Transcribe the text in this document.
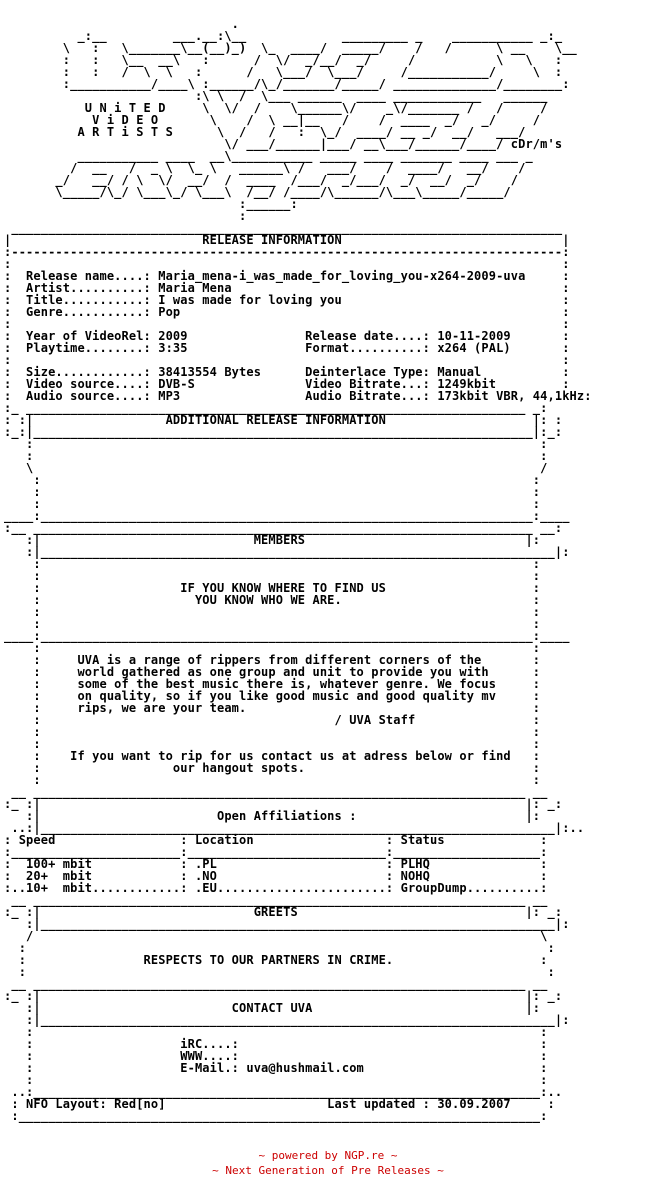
.
_:__         ___.__:\__             _________ _    ___________ _:_
\   :   \_______\__(__)_)  \_  ____/  _____/    /   /      \ __    \__
:   :   \__  __\   :      /  \/  _/__/  _/     /           \   \   :
:   :   /  \  \   :      /   \___/  \___/     /___________/     \  :
:___________/____\ :______/\_/_______/_____/ ______________/________:
:\ \  /  \___ ______  ____ ____________   ______
U N i T E D     \  \/  /    \______\/    _\/_______ /   /     /
V i D E O       \    /  \ __|__   /    /  ____  _/   _/     /
A R T i S T S      \  /   /   :  \_/  ____/ __ _/  __/   ___/
\/ ___/______|___/ __\___/______/____/ cDr/m's
___________ ____  __\___________ _____ ____ _______ ____ ___ _
/  __   /  _ \  \_ \   ______\ /   ___/    /  ____/   __/    /
_/   __/ / \  \/  __/  /  ____  /___/  _/___/  _/  __/  _/    /
\_____/\_/ \___\_/ \___\  /__/ /____/\______/\___\_____/_____/
:______:
:
___________________________________________________________________________
|                          RELEASE INFORMATION                              |
:---------------------------------------------------------------------------:
:                                                                           :
:  Release name....: Maria_mena-i_was_made_for_loving_you-x264-2009-uva     :
:  Artist..........: Maria Mena                                             :
:  Title...........: I was made for loving you                              :
:  Genre...........: Pop                                                    :
:                                                                           :
:  Year of VideoRel: 2009                Release date....: 10-11-2009       :
:  Playtime........: 3:35                Format..........: x264 (PAL)       :
:                                                                           :
:  Size............: 38413554 Bytes      Deinterlace Type: Manual           :
:  Video source....: DVB-S               Video Bitrate...: 1249kbit         :
:  Audio source....: MP3                 Audio Bitrate...: 173kbit VBR, 44,1kHz:
:_ ____________________________________________________________________ _:
: :|                  ADDITIONAL RELEASE INFORMATION                    |: :
:_:|____________________________________________________________________|:_:
:                                                                     :
:                                                                     :
\                                                                     /
:                                                                   :
:                                                                   :
:                                                                   :
____:___________________________________________________________________:____
:__ ____________________________________________________________________ __:
:|                             MEMBERS                              |:
:|______________________________________________________________________|:
:                                                                   :
:                                                                   :
:                   IF YOU KNOW WHERE TO FIND US                    :
:                     YOU KNOW WHO WE ARE.                          :
:                                                                   :
:                                                                   :
____:___________________________________________________________________:____
:                                                                   :
:     UVA is a range of rippers from different corners of the       :
:     world gathered as one group and unit to provide you with      :
:     some of the best music there is, whatever genre. We focus     :
:     on quality, so if you like good music and good quality mv     :
:     rips, we are your team.                                       :
:                                        / UVA Staff                :
:                                                                   :
:                                                                   :
:    If you want to rip for us contact us at adress below or find   :
:                  our hangout spots.                               :
:                                                                   :
__ ___________________________________________________________________ __
:_ :|                                                                  |: _:
:|                        Open Affiliations :                       |:
..:|______________________________________________________________________|:..
: Speed                 : Location                  : Status             :
:_______________________:___________________________:____________________:
:  100+ mbit            : .PL                       : PLHQ               :
:  20+  mbit            : .NO                       : NOHQ               :
:..10+  mbit............: .EU.......................: GroupDump..........:
__ ___________________________________________________________________ __
:_ :|                             GREETS                               |: _:
:|______________________________________________________________________|:
/                                                                     \
:                                                                       :
:                RESPECTS TO OUR PARTNERS IN CRIME.                    :
:                                                                       :
__ ___________________________________________________________________ __
:_ :|                                                                  |: _:
:|                          CONTACT UVA                             |:
:|______________________________________________________________________|:
:                                                                     :
:                    iRC....:                                         :
:                    WWW....:                                         :
:                    E-Mail.: uva@hushmail.com                        :
:                                                                     :
..:_____________________________________________________________________:..
: NFO Layout: Red[no]                      Last updated : 30.09.2007     :
:_______________________________________________________________________:
~ powered by NGP.re ~
~ Next Generation of Pre Releases ~
